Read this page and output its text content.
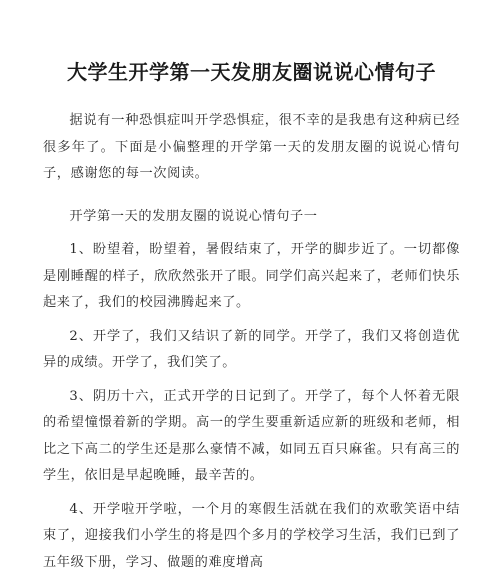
大学生开学第一天发朋友圈说说心情句子

据说有一种恐惧症叫开学恐惧症，很不幸的是我患有这种病已经很多年了。下面是小偏整理的开学第一天的发朋友圈的说说心情句子，感谢您的每一次阅读。

开学第一天的发朋友圈的说说心情句子一

1、盼望着，盼望着，暑假结束了，开学的脚步近了。一切都像是刚睡醒的样子，欣欣然张开了眼。同学们高兴起来了，老师们快乐起来了，我们的校园沸腾起来了。

2、开学了，我们又结识了新的同学。开学了，我们又将创造优异的成绩。开学了，我们笑了。

3、阴历十六，正式开学的日记到了。开学了，每个人怀着无限的希望憧憬着新的学期。高一的学生要重新适应新的班级和老师，相比之下高二的学生还是那么豪情不减，如同五百只麻雀。只有高三的学生，依旧是早起晚睡，最辛苦的。

4、开学啦开学啦，一个月的寒假生活就在我们的欢歌笑语中结束了，迎接我们小学生的将是四个多月的学校学习生活，我们已到了五年级下册，学习、做题的难度增高
